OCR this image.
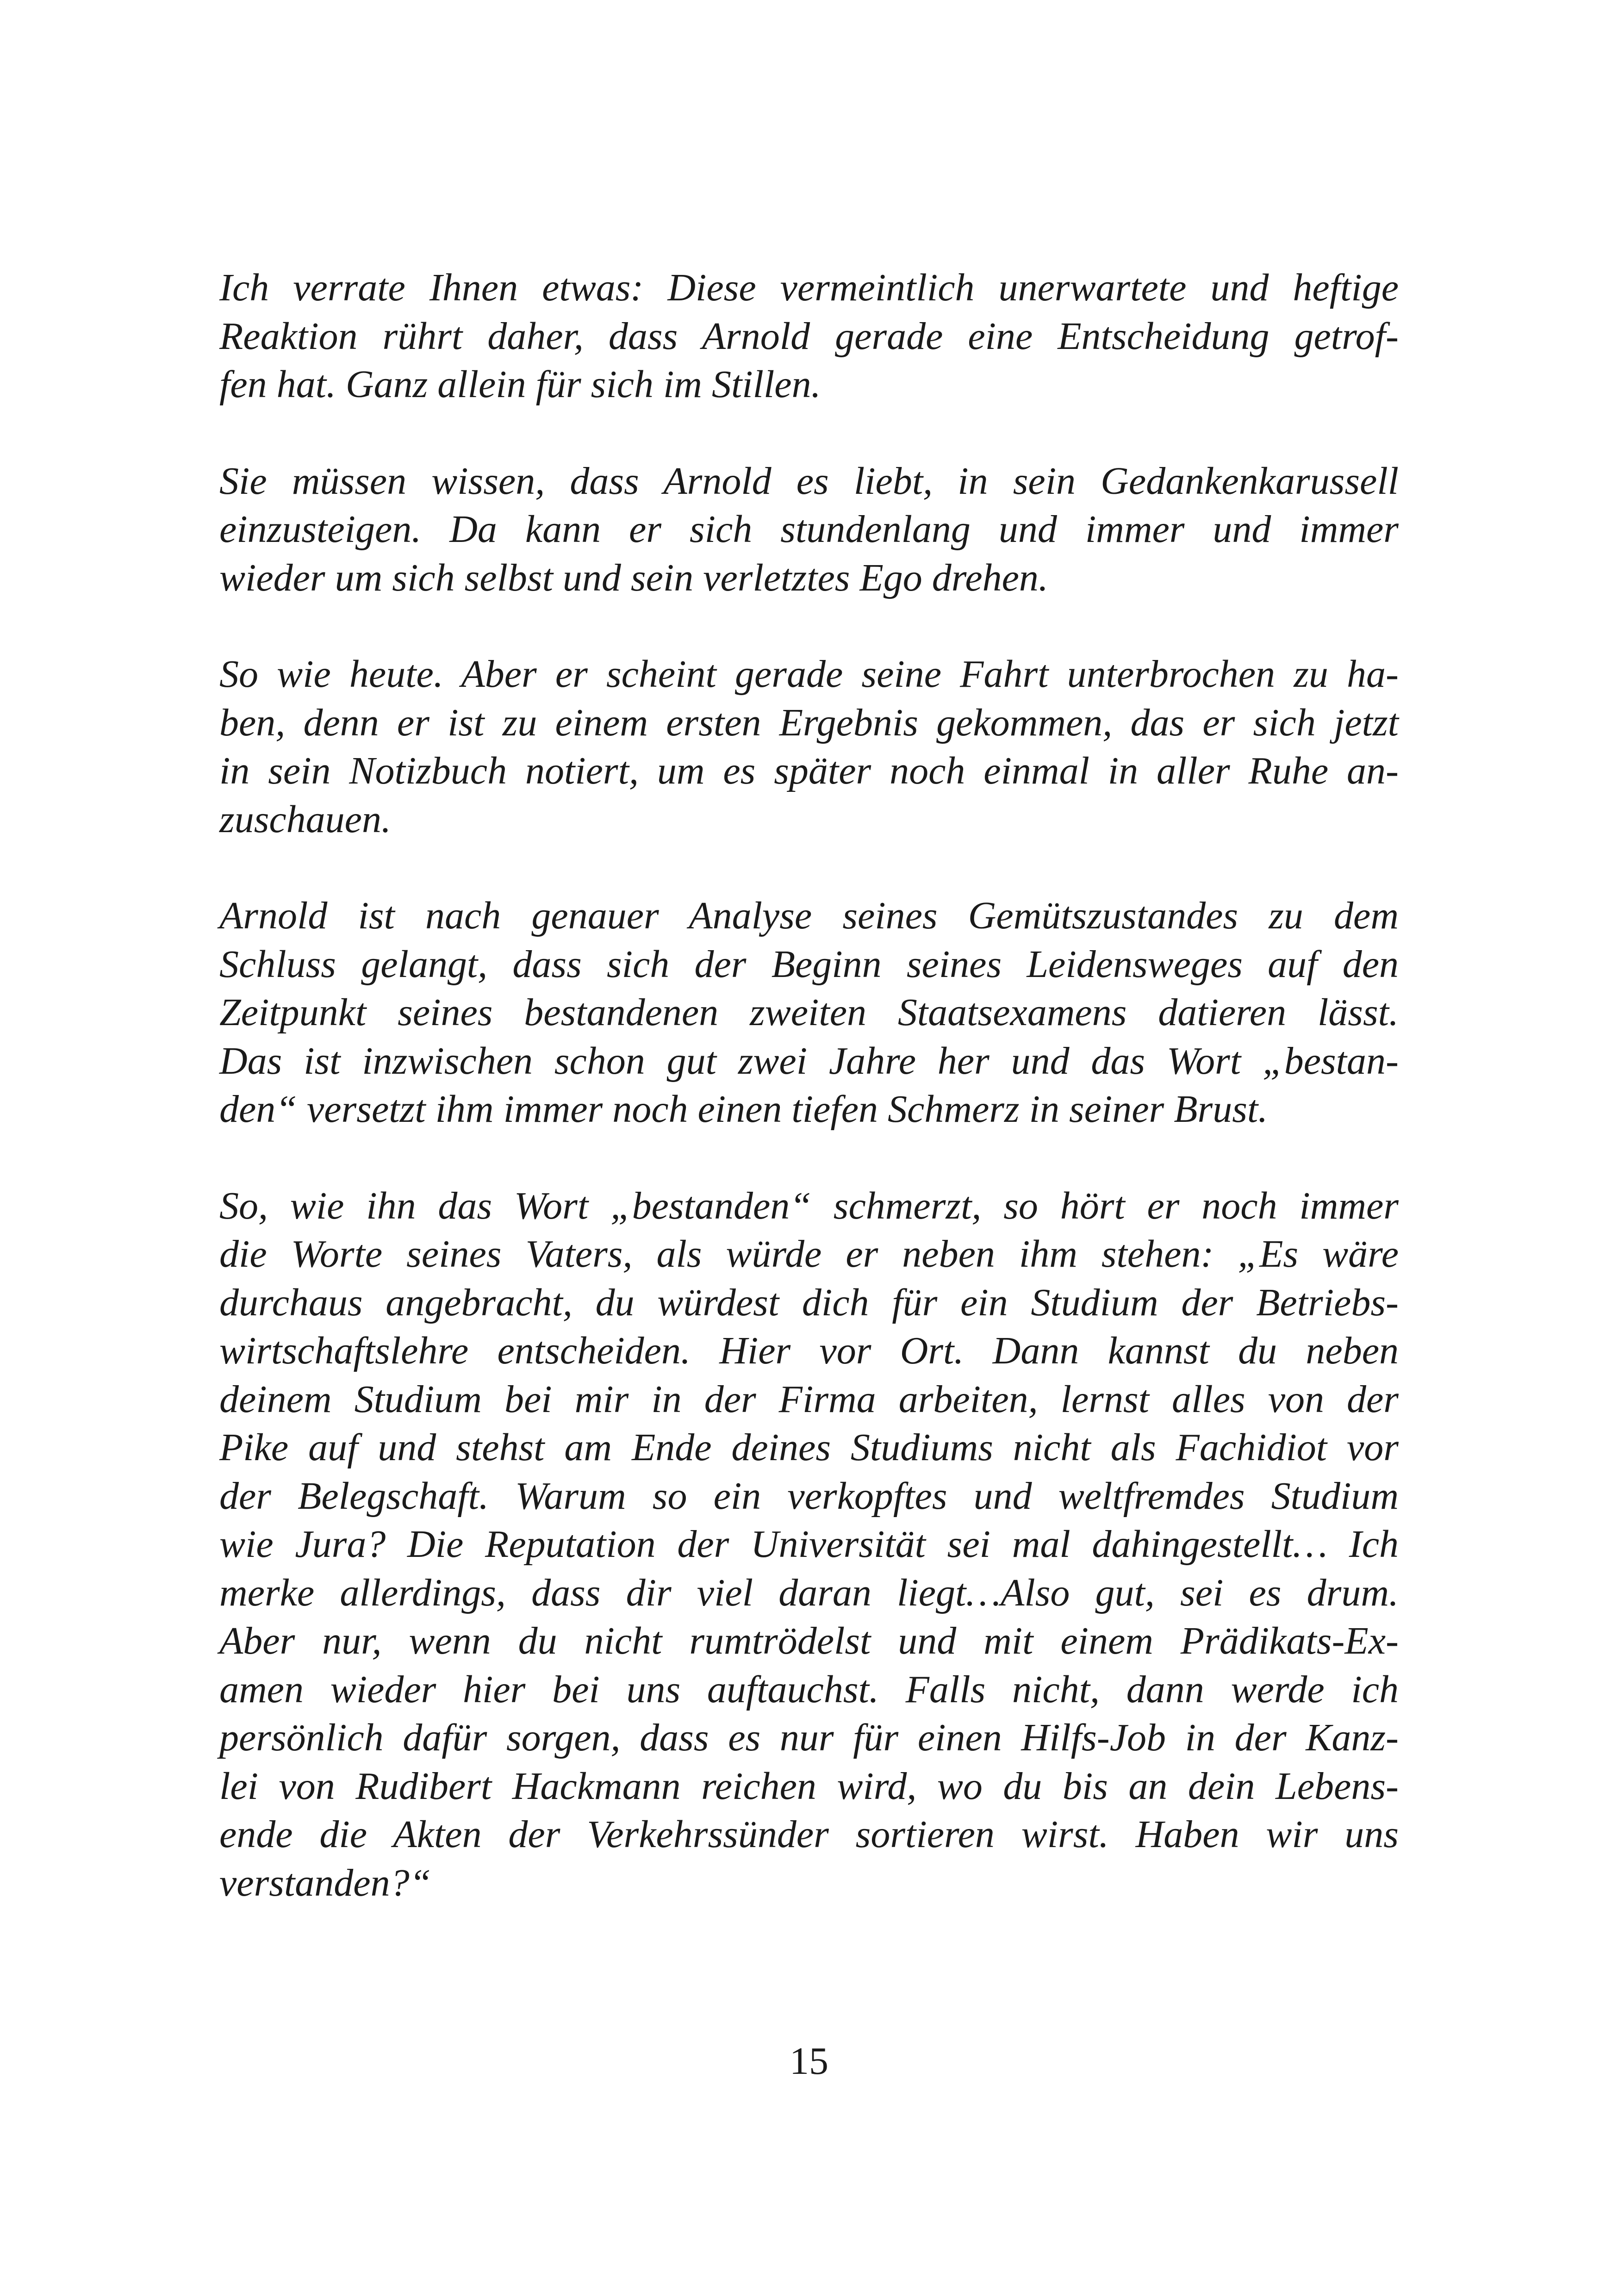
Ich verrate Ihnen etwas: Diese vermeintlich unerwartete und heftige
Reaktion rührt daher, dass Arnold gerade eine Entscheidung getrof-
fen hat. Ganz allein für sich im Stillen.

Sie müssen wissen, dass Arnold es liebt, in sein Gedankenkarussell
einzusteigen. Da kann er sich stundenlang und immer und immer
wieder um sich selbst und sein verletztes Ego drehen.

So wie heute. Aber er scheint gerade seine Fahrt unterbrochen zu ha-
ben, denn er ist zu einem ersten Ergebnis gekommen, das er sich jetzt
in sein Notizbuch notiert, um es später noch einmal in aller Ruhe an-
zuschauen.

Arnold ist nach genauer Analyse seines Gemütszustandes zu dem
Schluss gelangt, dass sich der Beginn seines Leidensweges auf den
Zeitpunkt seines bestandenen zweiten Staatsexamens datieren lässt.
Das ist inzwischen schon gut zwei Jahre her und das Wort „bestan-
den“ versetzt ihm immer noch einen tiefen Schmerz in seiner Brust.

So, wie ihn das Wort „bestanden“ schmerzt, so hört er noch immer
die Worte seines Vaters, als würde er neben ihm stehen: „Es wäre
durchaus angebracht, du würdest dich für ein Studium der Betriebs-
wirtschaftslehre entscheiden. Hier vor Ort. Dann kannst du neben
deinem Studium bei mir in der Firma arbeiten, lernst alles von der
Pike auf und stehst am Ende deines Studiums nicht als Fachidiot vor
der Belegschaft. Warum so ein verkopftes und weltfremdes Studium
wie Jura? Die Reputation der Universität sei mal dahingestellt… Ich
merke allerdings, dass dir viel daran liegt…Also gut, sei es drum.
Aber nur, wenn du nicht rumtrödelst und mit einem Prädikats-Ex-
amen wieder hier bei uns auftauchst. Falls nicht, dann werde ich
persönlich dafür sorgen, dass es nur für einen Hilfs-Job in der Kanz-
lei von Rudibert Hackmann reichen wird, wo du bis an dein Lebens-
ende die Akten der Verkehrssünder sortieren wirst. Haben wir uns
verstanden?“

15
